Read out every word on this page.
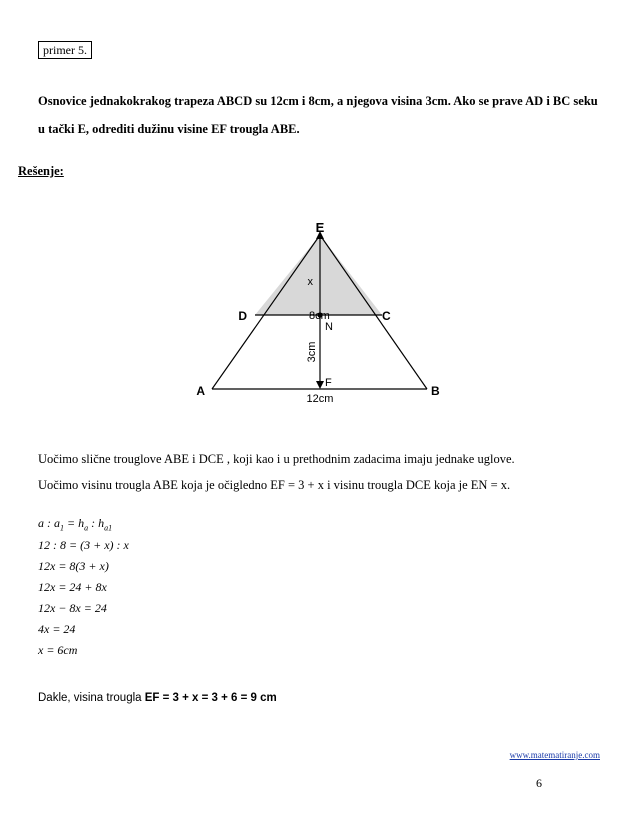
primer 5.
Osnovice jednakokrakog trapeza ABCD su 12cm i 8cm, a njegova visina 3cm. Ako se prave AD i BC seku
u tački E, odrediti dužinu visine EF trougla ABE.
Rešenje:
E
D	C
A	B
N
F
x
8cm
3cm
12cm
Uočimo slične trouglove ABE i DCE , koji kao i u prethodnim zadacima imaju jednake uglove.
Uočimo visinu trougla ABE koja je očigledno EF = 3 + x i visinu trougla DCE koja je EN = x.
a : $a_1 = h_a$ : $h_{a1}$
12 : 8 = (3 + x) : x
12x = 8(3 + x)
12x = 24 + 8x
12x − 8x = 24
4x = 24
x = 6cm
Dakle, visina trougla EF = 3 + x = 3 + 6 = 9 cm
www.matematiranje.com
6
